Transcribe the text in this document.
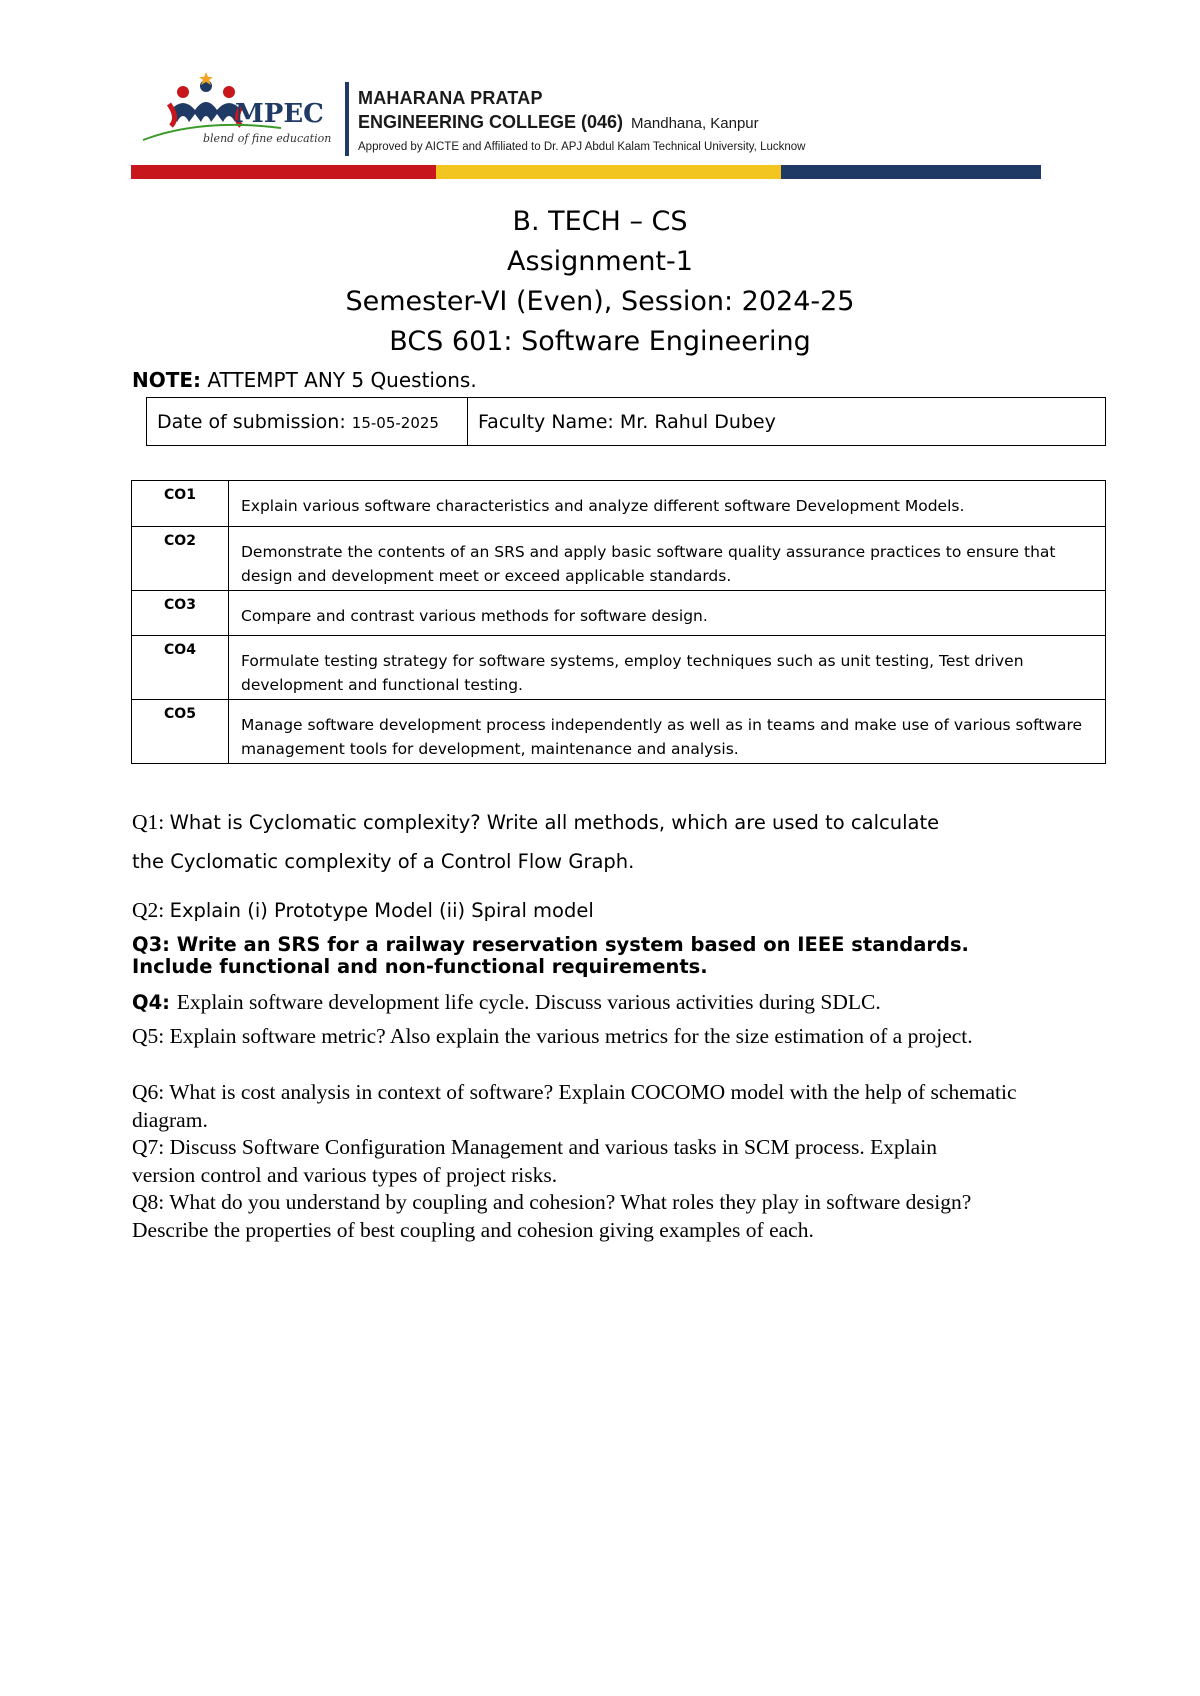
MPEC
blend of fine education
MAHARANA PRATAP
ENGINEERING COLLEGE (046) Mandhana, Kanpur
Approved by AICTE and Affiliated to Dr. APJ Abdul Kalam Technical University, Lucknow
B. TECH – CS
Assignment-1
Semester-VI (Even), Session: 2024-25
BCS 601: Software Engineering
NOTE: ATTEMPT ANY 5 Questions.
Date of submission: 15-05-2025	Faculty Name: Mr. Rahul Dubey
CO1	Explain various software characteristics and analyze different software Development Models.
CO2	Demonstrate the contents of an SRS and apply basic software quality assurance practices to ensure that design and development meet or exceed applicable standards.
CO3	Compare and contrast various methods for software design.
CO4	Formulate testing strategy for software systems, employ techniques such as unit testing, Test driven development and functional testing.
CO5	Manage software development process independently as well as in teams and make use of various software management tools for development, maintenance and analysis.
Q1: What is Cyclomatic complexity? Write all methods, which are used to calculate
the Cyclomatic complexity of a Control Flow Graph.
Q2: Explain (i) Prototype Model (ii) Spiral model
Q3: Write an SRS for a railway reservation system based on IEEE standards. Include functional and non-functional requirements.
Q4: Explain software development life cycle. Discuss various activities during SDLC.
Q5: Explain software metric? Also explain the various metrics for the size estimation of a project.
Q6: What is cost analysis in context of software? Explain COCOMO model with the help of schematic diagram.
Q7: Discuss Software Configuration Management and various tasks in SCM process. Explain version control and various types of project risks.
Q8: What do you understand by coupling and cohesion? What roles they play in software design? Describe the properties of best coupling and cohesion giving examples of each.
